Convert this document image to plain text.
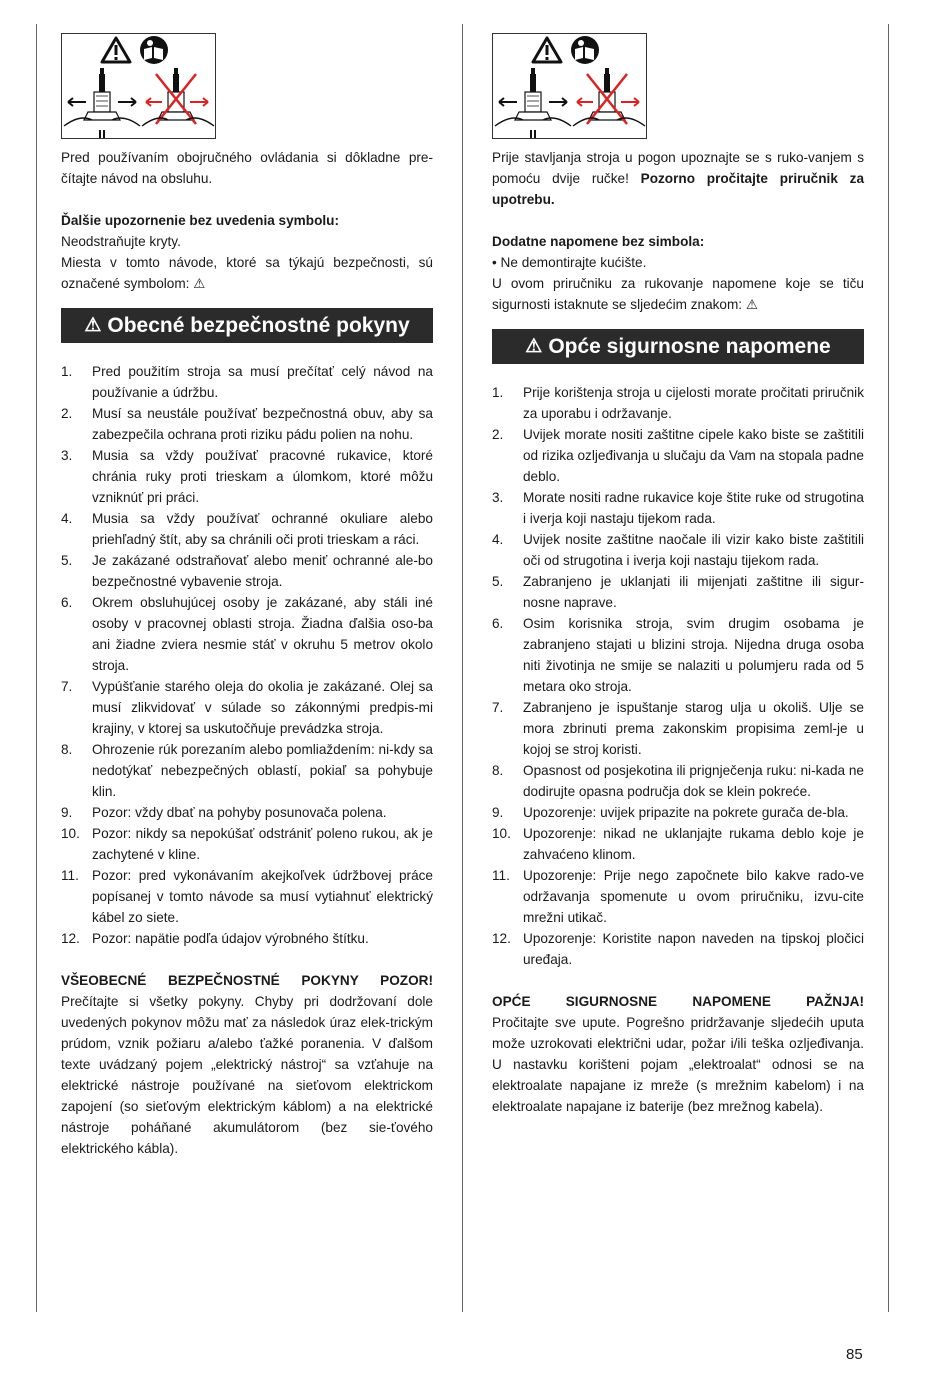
Pred používaním obojručného ovládania si dôkladne pre-čítajte návod na obsluhu.

Ďalšie upozornenie bez uvedenia symbolu:

Neodstraňujte kryty.

Miesta v tomto návode, ktoré sa týkajú bezpečnosti, sú označené symbolom: ⚠

⚠ Obecné bezpečnostné pokyny
1.	Pred použitím stroja sa musí prečítať celý návod na používanie a údržbu.
2.	Musí sa neustále používať bezpečnostná obuv, aby sa zabezpečila ochrana proti riziku pádu polien na nohu.
3.	Musia sa vždy používať pracovné rukavice, ktoré chránia ruky proti trieskam a úlomkom, ktoré môžu vzniknúť pri práci.
4.	Musia sa vždy používať ochranné okuliare alebo priehľadný štít, aby sa chránili oči proti trieskam a ráci.
5.	Je zakázané odstraňovať alebo meniť ochranné ale-bo bezpečnostné vybavenie stroja.
6.	Okrem obsluhujúcej osoby je zakázané, aby stáli iné osoby v pracovnej oblasti stroja. Žiadna ďalšia oso-ba ani žiadne zviera nesmie stáť v okruhu 5 metrov okolo stroja.
7.	Vypúšťanie starého oleja do okolia je zakázané. Olej sa musí zlikvidovať v súlade so zákonnými predpis-mi krajiny, v ktorej sa uskutočňuje prevádzka stroja.
8.	Ohrozenie rúk porezaním alebo pomliaždením: ni-kdy sa nedotýkať nebezpečných oblastí, pokiaľ sa pohybuje klin.
9.	Pozor: vždy dbať na pohyby posunovača polena.
10. Pozor: nikdy sa nepokúšať odstrániť poleno rukou, ak je zachytené v kline.
11. Pozor: pred vykonávaním akejkoľvek údržbovej práce popísanej v tomto návode sa musí vytiahnuť elektrický kábel zo siete.
12. Pozor: napätie podľa údajov výrobného štítku.

VŠEOBECNÉ BEZPEČNOSTNÉ POKYNY POZOR!

Prečítajte si všetky pokyny. Chyby pri dodržovaní dole uvedených pokynov môžu mať za následok úraz elek-trickým prúdom, vznik požiaru a/alebo ťažké poranenia. V ďalšom texte uvádzaný pojem „elektrický nástroj“ sa vzťahuje na elektrické nástroje používané na sieťovom elektrickom zapojení (so sieťovým elektrickým káblom) a na elektrické nástroje poháňané akumulátorom (bez sie-ťového elektrického kábla).

Prije stavljanja stroja u pogon upoznajte se s ruko-vanjem s pomoću dvije ručke! Pozorno pročitajte priručnik za upotrebu.

Dodatne napomene bez simbola:

• Ne demontirajte kućište.

U ovom priručniku za rukovanje napomene koje se tiču sigurnosti istaknute se sljedećim znakom: ⚠

⚠ Opće sigurnosne napomene
1.	Prije korištenja stroja u cijelosti morate pročitati priručnik za uporabu i održavanje.
2.	Uvijek morate nositi zaštitne cipele kako biste se zaštitili od rizika ozljeđivanja u slučaju da Vam na stopala padne deblo.
3.	Morate nositi radne rukavice koje štite ruke od strugotina i iverja koji nastaju tijekom rada.
4.	Uvijek nosite zaštitne naočale ili vizir kako biste zaštitili oči od strugotina i iverja koji nastaju tijekom rada.
5.	Zabranjeno je uklanjati ili mijenjati zaštitne ili sigur-nosne naprave.
6.	Osim korisnika stroja, svim drugim osobama je zabranjeno stajati u blizini stroja. Nijedna druga osoba niti životinja ne smije se nalaziti u polumjeru rada od 5 metara oko stroja.
7.	Zabranjeno je ispuštanje starog ulja u okoliš. Ulje se mora zbrinuti prema zakonskim propisima zeml-je u kojoj se stroj koristi.
8.	Opasnost od posjekotina ili prignječenja ruku: ni-kada ne dodirujte opasna područja dok se klein pokreće.
9.	Upozorenje: uvijek pripazite na pokrete gurača de-bla.
10. Upozorenje: nikad ne uklanjajte rukama deblo koje je zahvaćeno klinom.
11. Upozorenje: Prije nego započnete bilo kakve rado-ve održavanja spomenute u ovom priručniku, izvu-cite mrežni utikač.
12. Upozorenje: Koristite napon naveden na tipskoj pločici uređaja.

OPĆE SIGURNOSNE NAPOMENE PAŽNJA!

Pročitajte sve upute. Pogrešno pridržavanje sljedećih uputa može uzrokovati električni udar, požar i/ili teška ozljeđivanja. U nastavku korišteni pojam „elektroalat“ odnosi se na elektroalate napajane iz mreže (s mrežnim kabelom) i na elektroalate napajane iz baterije (bez mrežnog kabela).

85
